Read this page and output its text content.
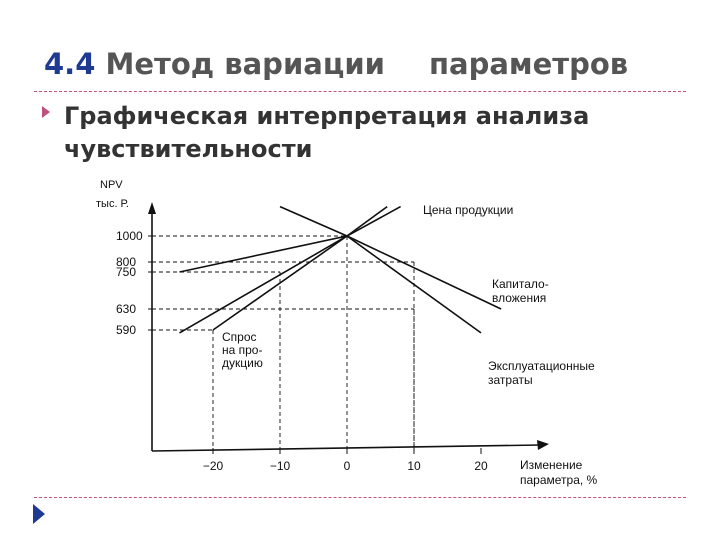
4.4 Метод вариации параметров
Графическая интерпретация анализа чувствительности
1000
800
750
630
590
−20	−10	0	10	20
NPV
тыс. Р.
Изменение
параметра, %
Цена продукции
Капитало-
вложения
Эксплуатационные
затраты
Спрос
на про-
дукцию
